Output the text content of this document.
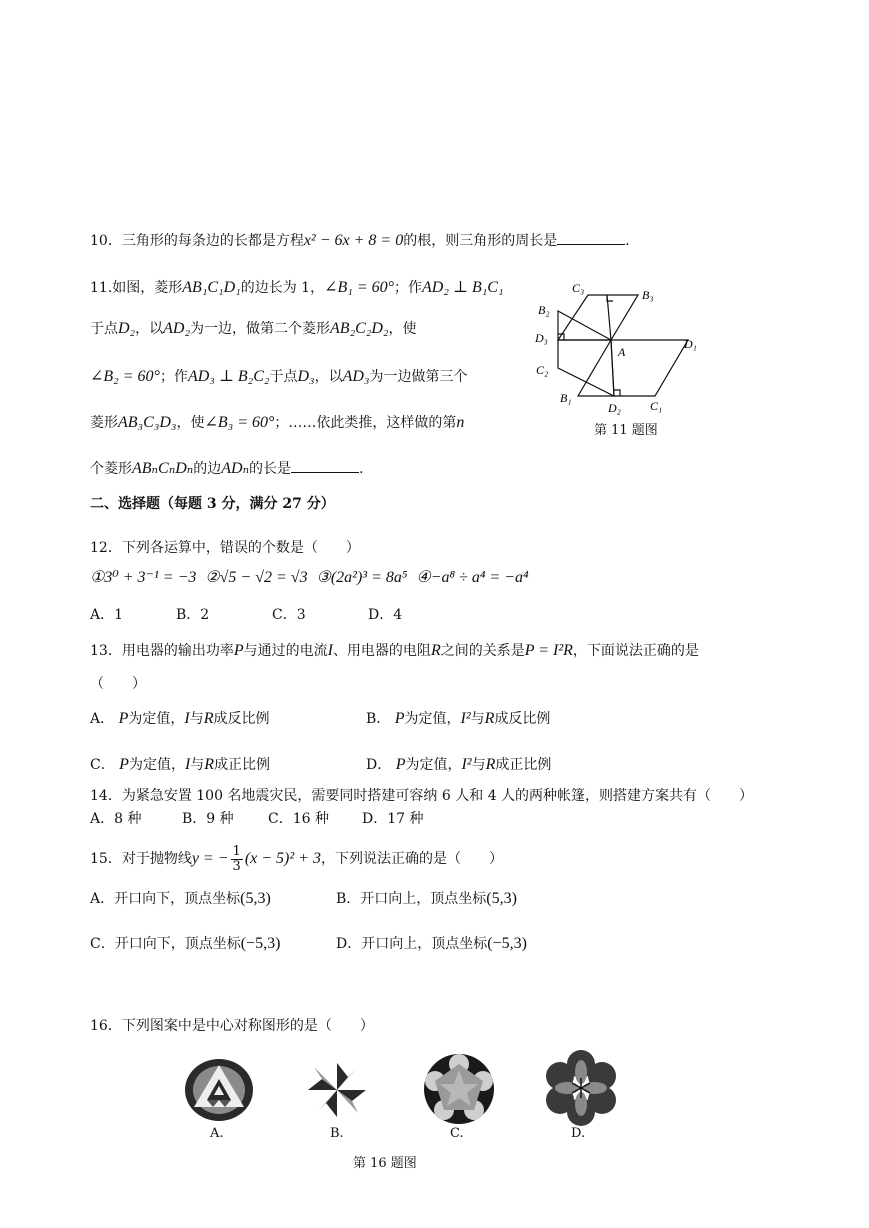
10．三角形的每条边的长都是方程x² − 6x + 8 = 0的根，则三角形的周长是	.
11.如图，菱形AB₁C₁D₁的边长为 1，∠B₁ = 60°；作AD₂ ⊥ B₁C₁
于点D₂，以AD₂为一边，做第二个菱形AB₂C₂D₂，使
∠B₂ = 60°；作AD₃ ⊥ B₂C₂于点D₃，以AD₃为一边做第三个
菱形AB₃C₃D₃，使∠B₃ = 60°；……依此类推，这样做的第n
个菱形ABₙCₙDₙ的边ADₙ的长是	.
C₃	B₃
B₂
D₃
A
D₁
C₂
B₁
D₂ C₁
第 11 题图
二、选择题（每题 3 分，满分 27 分）
12．下列各运算中，错误的个数是（　　）
①3⁰ + 3⁻¹ = −3 ②√5 − √2 = √3 ③(2a²)³ = 8a⁵ ④−a⁸ ÷ a⁴ = −a⁴
A．1	B．2	C．3	D．4
13．用电器的输出功率P与通过的电流I、用电器的电阻R之间的关系是P = I²R，下面说法正确的是
（　　）
A． P为定值，I与R成反比例	B． P为定值，I²与R成反比例
C． P为定值，I与R成正比例	D． P为定值，I²与R成正比例
14．为紧急安置 100 名地震灾民，需要同时搭建可容纳 6 人和 4 人的两种帐篷，则搭建方案共有（　　）
A．8 种	B．9 种 C．16 种 D．17 种
15．对于抛物线y = − $\frac{1}{3} (x - 5)^2 + 3$，下列说法正确的是（　　）
A．开口向下，顶点坐标(5,3)	B．开口向上，顶点坐标(5,3)
C．开口向下，顶点坐标(−5,3)	D．开口向上，顶点坐标(−5,3)
16．下列图案中是中心对称图形的是（　　）
A.	B.	C.	D.
第 16 题图
